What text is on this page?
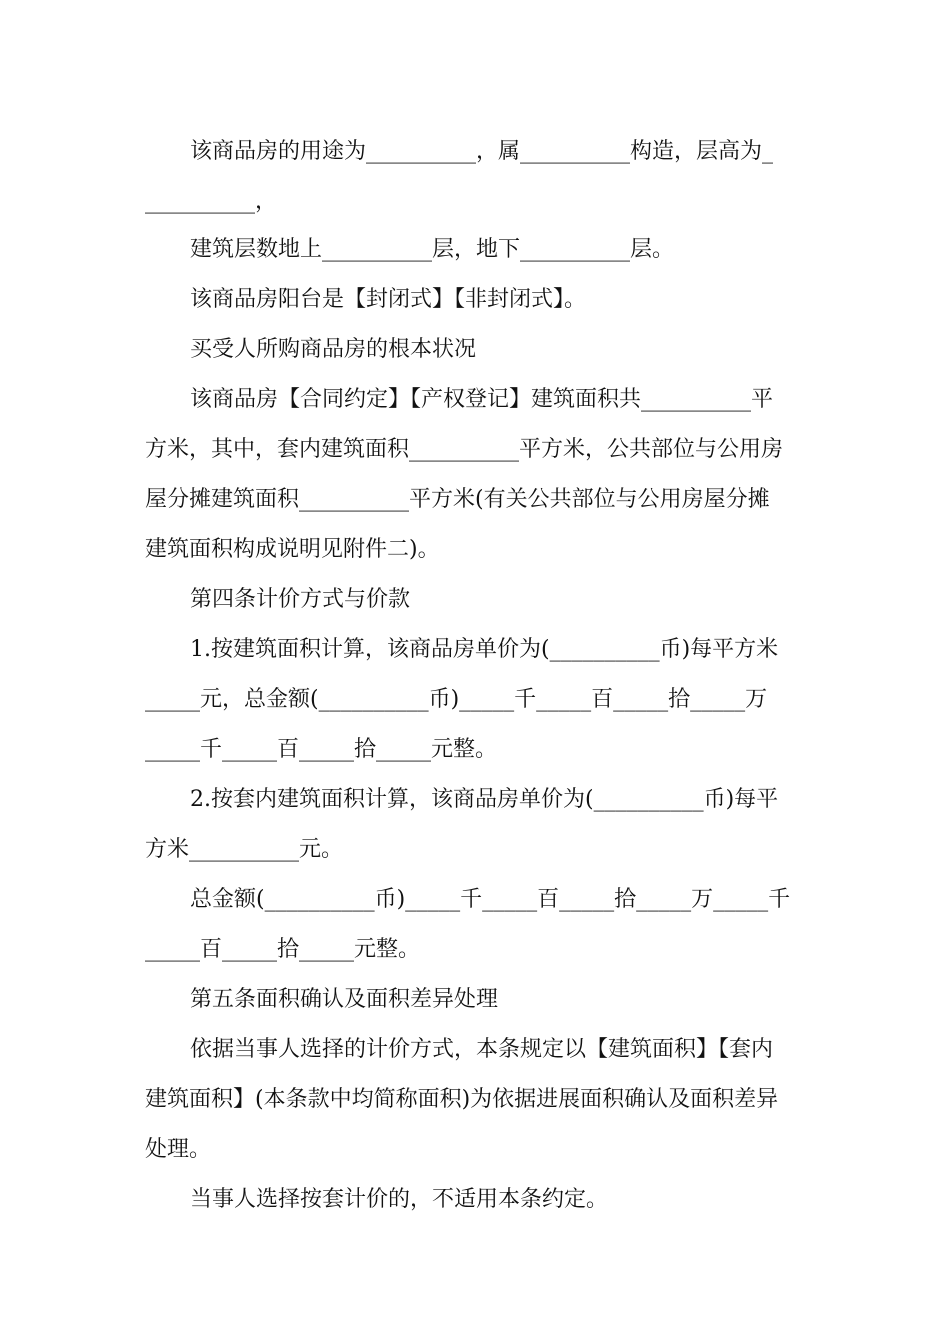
该商品房的用途为__________，属__________构造，层高为_
__________，
建筑层数地上__________层，地下__________层。
该商品房阳台是【封闭式】【非封闭式】。
买受人所购商品房的根本状况
该商品房【合同约定】【产权登记】建筑面积共__________平
方米，其中，套内建筑面积__________平方米，公共部位与公用房
屋分摊建筑面积__________平方米(有关公共部位与公用房屋分摊
建筑面积构成说明见附件二)。
第四条计价方式与价款
1.按建筑面积计算，该商品房单价为(__________币)每平方米
_____元，总金额(__________币)_____千_____百_____拾_____万
_____千_____百_____拾_____元整。
2.按套内建筑面积计算，该商品房单价为(__________币)每平
方米__________元。
总金额(__________币)_____千_____百_____拾_____万_____千
_____百_____拾_____元整。
第五条面积确认及面积差异处理
依据当事人选择的计价方式，本条规定以【建筑面积】【套内
建筑面积】(本条款中均简称面积)为依据进展面积确认及面积差异
处理。
当事人选择按套计价的，不适用本条约定。
